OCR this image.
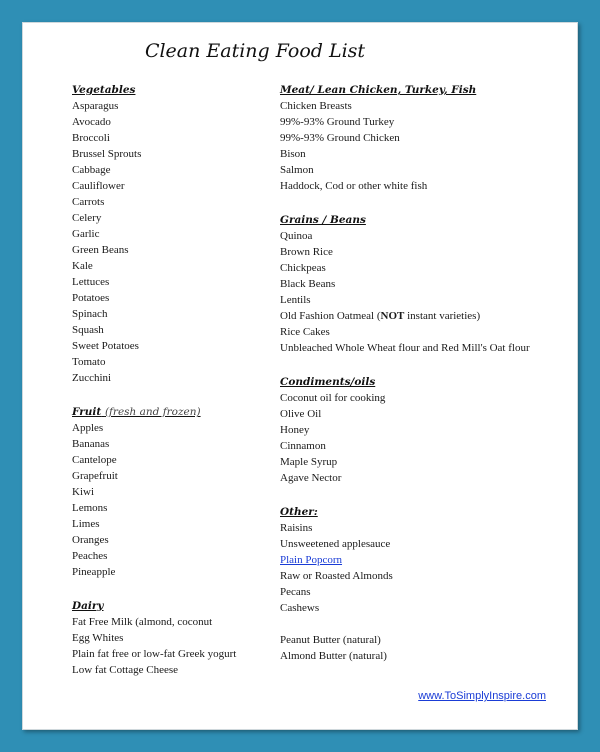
Clean Eating Food List
Vegetables
Asparagus
Avocado
Broccoli
Brussel Sprouts
Cabbage
Cauliflower
Carrots
Celery
Garlic
Green Beans
Kale
Lettuces
Potatoes
Spinach
Squash
Sweet Potatoes
Tomato
Zucchini
Fruit (fresh and frozen)
Apples
Bananas
Cantelope
Grapefruit
Kiwi
Lemons
Limes
Oranges
Peaches
Pineapple
Dairy
Fat Free Milk (almond, coconut
Egg Whites
Plain fat free or low-fat Greek yogurt
Low fat Cottage Cheese
Meat/ Lean Chicken, Turkey, Fish
Chicken Breasts
99%-93% Ground Turkey
99%-93% Ground Chicken
Bison
Salmon
Haddock, Cod or other white fish
Grains / Beans
Quinoa
Brown Rice
Chickpeas
Black Beans
Lentils
Old Fashion Oatmeal (NOT instant varieties)
Rice Cakes
Unbleached Whole Wheat flour and Red Mill's Oat flour
Condiments/oils
Coconut oil for cooking
Olive Oil
Honey
Cinnamon
Maple Syrup
Agave Nector
Other:
Raisins
Unsweetened applesauce
Plain Popcorn
Raw or Roasted Almonds
Pecans
Cashews
Peanut Butter (natural)
Almond Butter (natural)
www.ToSimplyInspire.com
